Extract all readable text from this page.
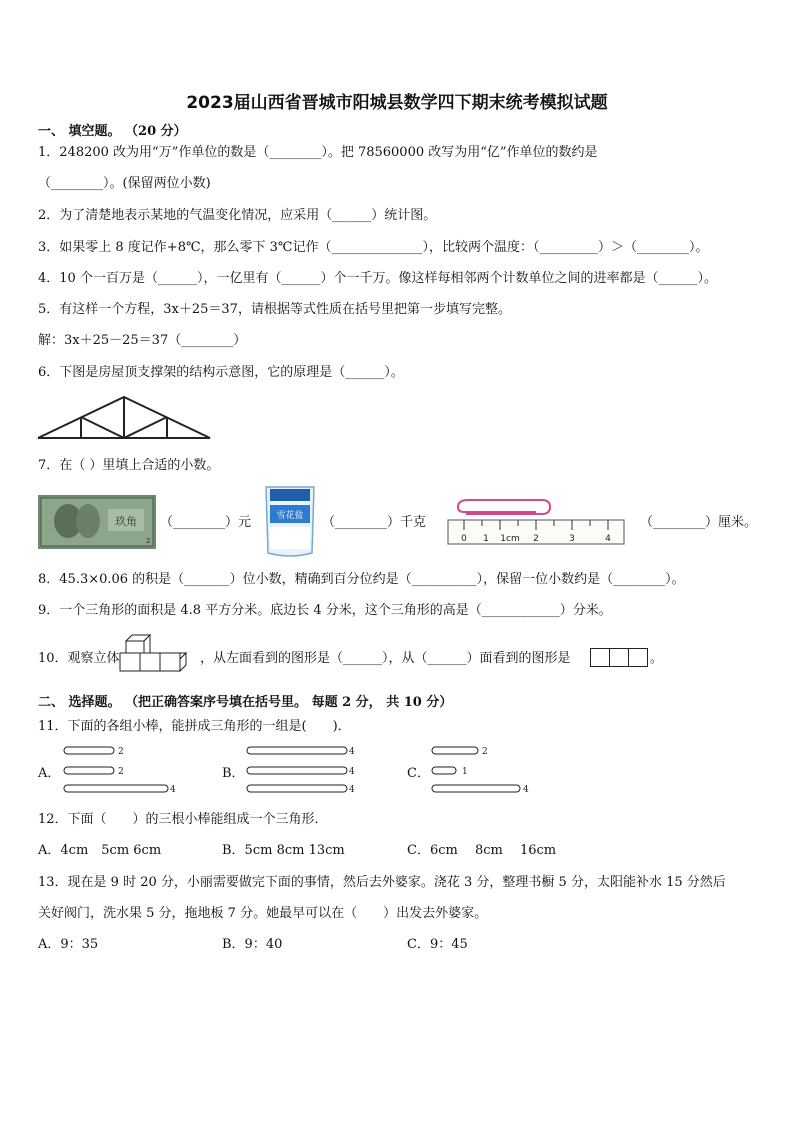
2023届山西省晋城市阳城县数学四下期末统考模拟试题
一、 填空题。 （20 分）
1．248200 改为用“万”作单位的数是（________）。把 78560000 改写为用“亿”作单位的数约是
（________）。(保留两位小数)
2．为了清楚地表示某地的气温变化情况，应采用（______）统计图。
3．如果零上 8 度记作+8℃，那么零下 3℃记作（______________），比较两个温度：（_________）＞（________）。
4．10 个一百万是（______），一亿里有（______）个一千万。像这样每相邻两个计数单位之间的进率都是（______）。
5．有这样一个方程，3x＋25＝37，请根据等式性质在括号里把第一步填写完整。
解：3x＋25－25＝37（________）
6．下图是房屋顶支撑架的结构示意图，它的原理是（______）。
7．在（ ）里填上合适的小数。
玖角
2
（________）元	雪花盐 （________）千克
0 1 1cm 2	3	4
（________）厘米。
8．45.3×0.06 的积是（_______）位小数，精确到百分位约是（__________），保留一位小数约是（________）。
9．一个三角形的面积是 4.8 平方分米。底边长 4 分米，这个三角形的高是（____________）分米。
10．观察立体	，从左面看到的图形是（______），从（______）面看到的图形是	。
二、 选择题。 （把正确答案序号填在括号里。 每题 2 分， 共 10 分）
11．下面的各组小棒，能拼成三角形的一组是(　　)．
A．
2
2
4
B．
4
4
4
C．
2
1
4
12．下面（　　）的三根小棒能组成一个三角形．
A．4cm　5cm 6cm	B．5cm 8cm 13cm	C．6cm　 8cm　 16cm
13．现在是 9 时 20 分，小丽需要做完下面的事情，然后去外婆家。浇花 3 分，整理书橱 5 分，太阳能补水 15 分然后
关好阀门，洗水果 5 分，拖地板 7 分。她最早可以在（　　）出发去外婆家。
A．9：35	B．9：40	C．9：45
